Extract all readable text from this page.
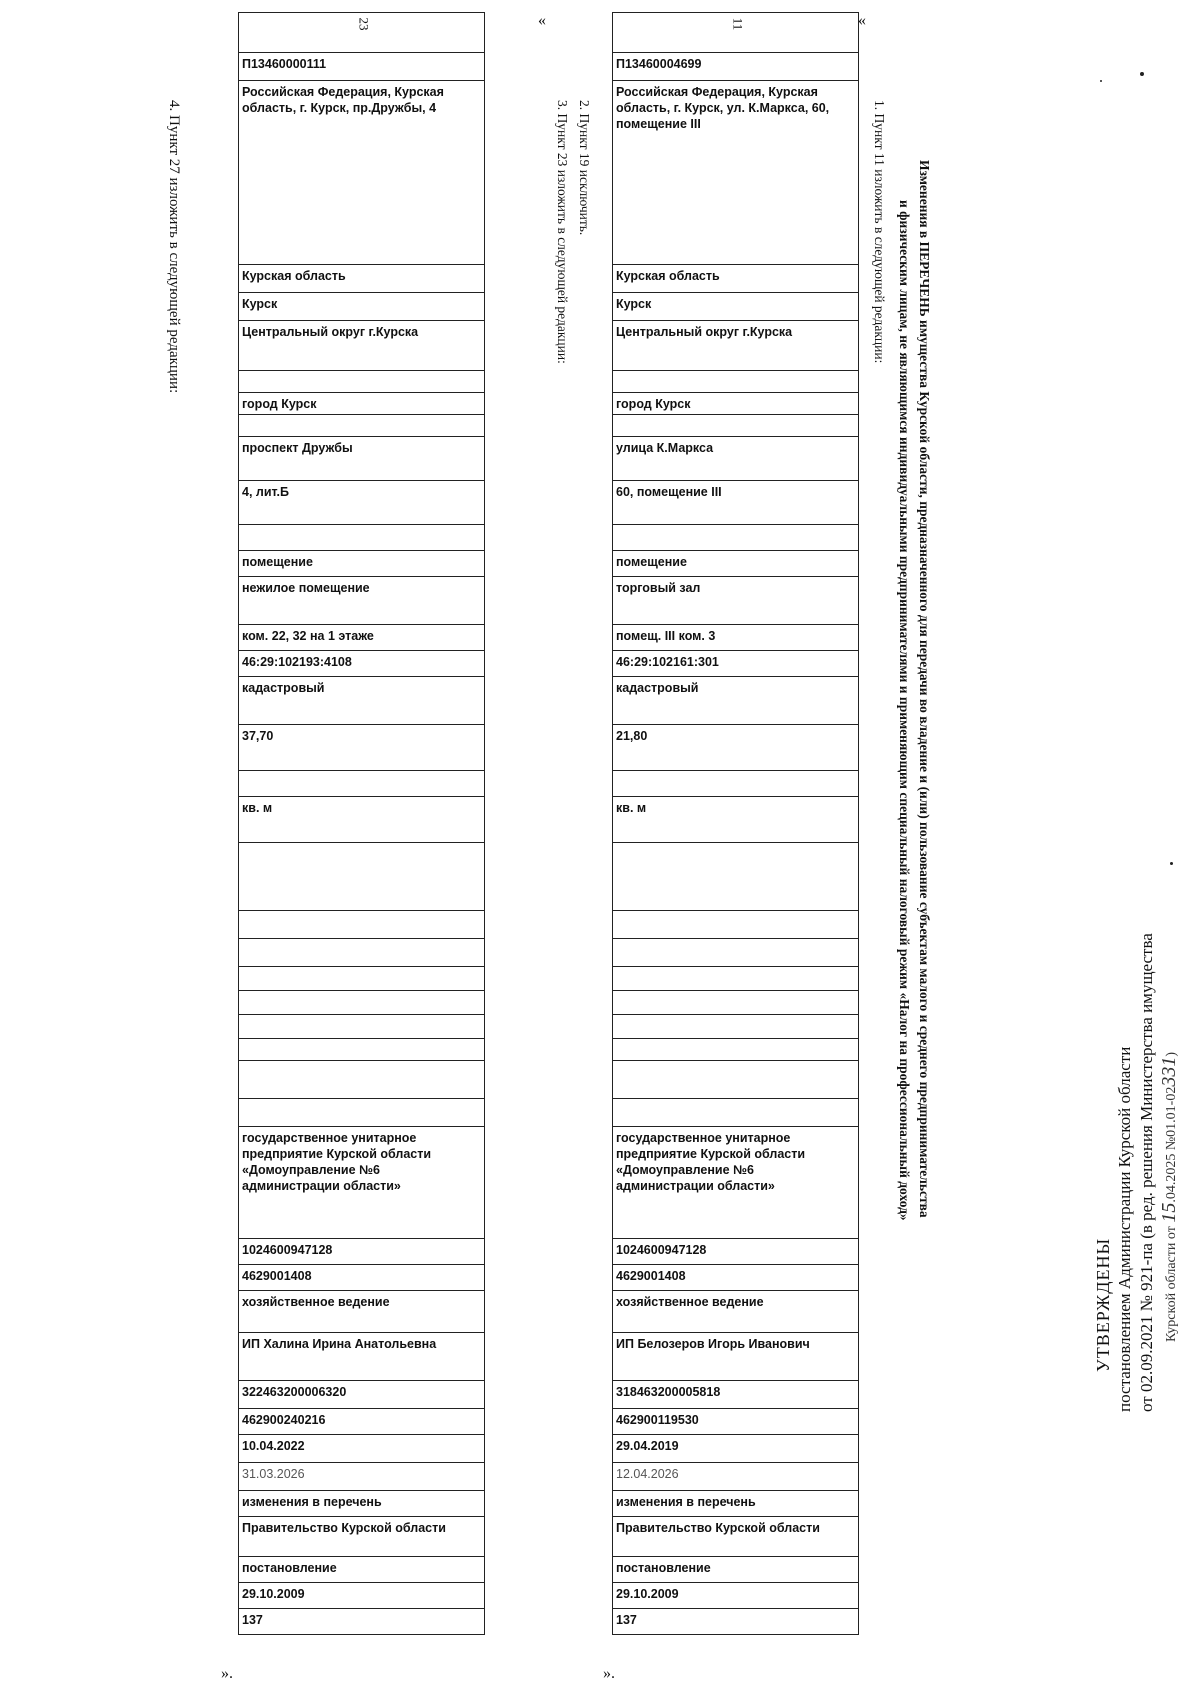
УТВЕРЖДЕНЫ постановлением Администрации Курской области от 02.09.2021 № 921-па (в ред. решения Министерства имущества Курской области от 15.04.2025 №01.01-02331)
Изменения в ПЕРЕЧЕНЬ имущества Курской области, предназначенного для передачи во владение и (или) пользование субъектам малого и среднего предпринимательства
и физическим лицам, не являющимся индивидуальными предпринимателями и применяющим специальный налоговый режим «Налог на профессиональный доход»
1. Пункт 11 изложить в следующей редакции:
2. Пункт 19 исключить.
3. Пункт 23 изложить в следующей редакции:
4. Пункт 27 изложить в следующей редакции:
«
«
».
».
23
П13460000111
Российская Федерация, Курская область, г. Курск, пр.Дружбы, 4
Курская область
Курск
Центральный округ г.Курска
город Курск
проспект Дружбы
4, лит.Б
помещение
нежилое помещение
ком. 22, 32 на 1 этаже
46:29:102193:4108
кадастровый
37,70
кв. м
государственное унитарное предприятие Курской области «Домоуправление №6 администрации области»
1024600947128
4629001408
хозяйственное ведение
ИП Халина Ирина Анатольевна
322463200006320
462900240216
10.04.2022
31.03.2026
изменения в перечень
Правительство Курской области
постановление
29.10.2009
137
11
П13460004699
Российская Федерация, Курская область, г. Курск, ул. К.Маркса, 60, помещение III
Курская область
Курск
Центральный округ г.Курска
город Курск
улица К.Маркса
60, помещение III
помещение
торговый зал
помещ. III ком. 3
46:29:102161:301
кадастровый
21,80
кв. м
государственное унитарное предприятие Курской области «Домоуправление №6 администрации области»
1024600947128
4629001408
хозяйственное ведение
ИП Белозеров Игорь Иванович
318463200005818
462900119530
29.04.2019
12.04.2026
изменения в перечень
Правительство Курской области
постановление
29.10.2009
137
